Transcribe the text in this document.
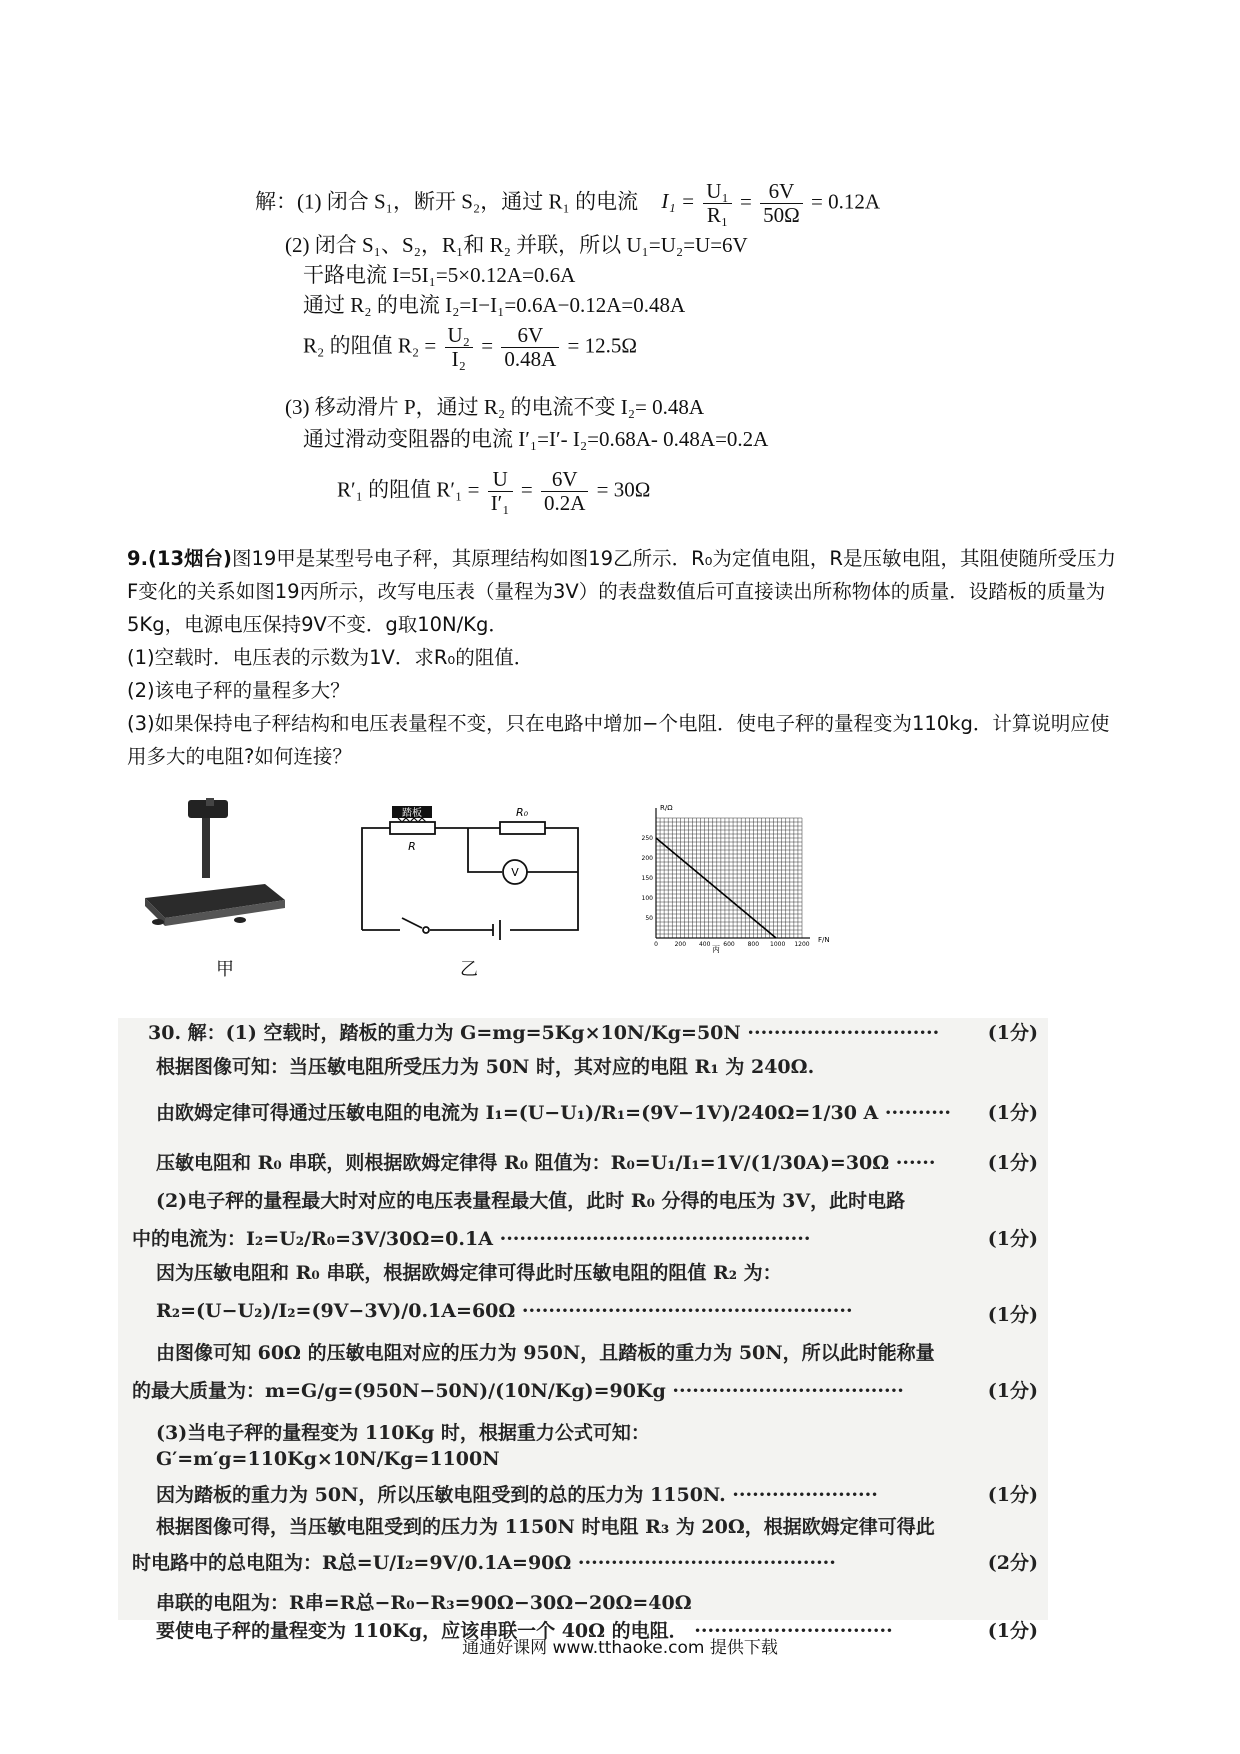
解：(1) 闭合 S₁，断开 S₂，通过 R₁ 的电流 $I_1 = \frac{\text{U₁}}{\text{R₁}} = \frac{6V}{50\Omega} = 0.12A$
(2) 闭合 S₁、S₂，R₁和 R₂ 并联，所以 U₁=U₂=U=6V
干路电流 I=5I₁=5×0.12A=0.6A
通过 R₂ 的电流 I₂=I−I₁=0.6A−0.12A=0.48A
R₂ 的阻值 $R_2 = \frac{\text{U₂}}{\text{I₂}} = \frac{6V}{0.48A} = 12.5\Omega$
(3) 移动滑片 P，通过 R₂ 的电流不变 I₂= 0.48A
通过滑动变阻器的电流 I′₁=I′- I₂=0.68A- 0.48A=0.2A
R′₁ 的阻值 $R'_1 = \frac{U}{\text{I′₁}} = \frac{6V}{0.2A} = 30\Omega$

9.(13烟台)图19甲是某型号电子秤，其原理结构如图19乙所示．R₀为定值电阻，R是压敏电阻，其阻使随所受压力F变化的关系如图19丙所示，改写电压表（量程为3V）的表盘数值后可直接读出所称物体的质量．设踏板的质量为5Kg，电源电压保持9V不变．g取10N/Kg．

(1)空载时．电压表的示数为1V．求R₀的阻值．

(2)该电子秤的量程多大？

(3)如果保持电子秤结构和电压表量程不变，只在电路中增加−个电阻．使电子秤的量程变为110kg．计算说明应使用多大的电阻?如何连接？

甲
踏板
R
R₀
V
乙
250
200
150
100
50
0	200 400 600 800 1000 1200
R/Ω
F/N
丙
30. 解：(1) 空载时，踏板的重力为 G=mg=5Kg×10N/Kg=50N ·····························	(1分)
根据图像可知：当压敏电阻所受压力为 50N 时，其对应的电阻 R₁ 为 240Ω.
由欧姆定律可得通过压敏电阻的电流为 I₁=(U−U₁)/R₁=(9V−1V)/240Ω=1/30 A ·········· (1分)
压敏电阻和 R₀ 串联，则根据欧姆定律得 R₀ 阻值为：R₀=U₁/I₁=1V/(1/30A)=30Ω ······	(1分)
(2)电子秤的量程最大时对应的电压表量程最大值，此时 R₀ 分得的电压为 3V，此时电路
中的电流为：I₂=U₂/R₀=3V/30Ω=0.1A ···············································	(1分)
因为压敏电阻和 R₀ 串联，根据欧姆定律可得此时压敏电阻的阻值 R₂ 为：
R₂=(U−U₂)/I₂=(9V−3V)/0.1A=60Ω ··················································	(1分)
由图像可知 60Ω 的压敏电阻对应的压力为 950N，且踏板的重力为 50N，所以此时能称量
的最大质量为：m=G/g=(950N−50N)/(10N/Kg)=90Kg ···································	(1分)
(3)当电子秤的量程变为 110Kg 时，根据重力公式可知：
G′=m′g=110Kg×10N/Kg=1100N
因为踏板的重力为 50N，所以压敏电阻受到的总的压力为 1150N. ······················	(1分)
根据图像可得，当压敏电阻受到的压力为 1150N 时电阻 R₃ 为 20Ω，根据欧姆定律可得此
时电路中的总电阻为：R总=U/I₂=9V/0.1A=90Ω ·······································	(2分)
串联的电阻为：R串=R总−R₀−R₃=90Ω−30Ω−20Ω=40Ω
要使电子秤的量程变为 110Kg，应该串联一个 40Ω 的电阻． ······························	(1分)
通通好课网 www.tthaoke.com 提供下载
